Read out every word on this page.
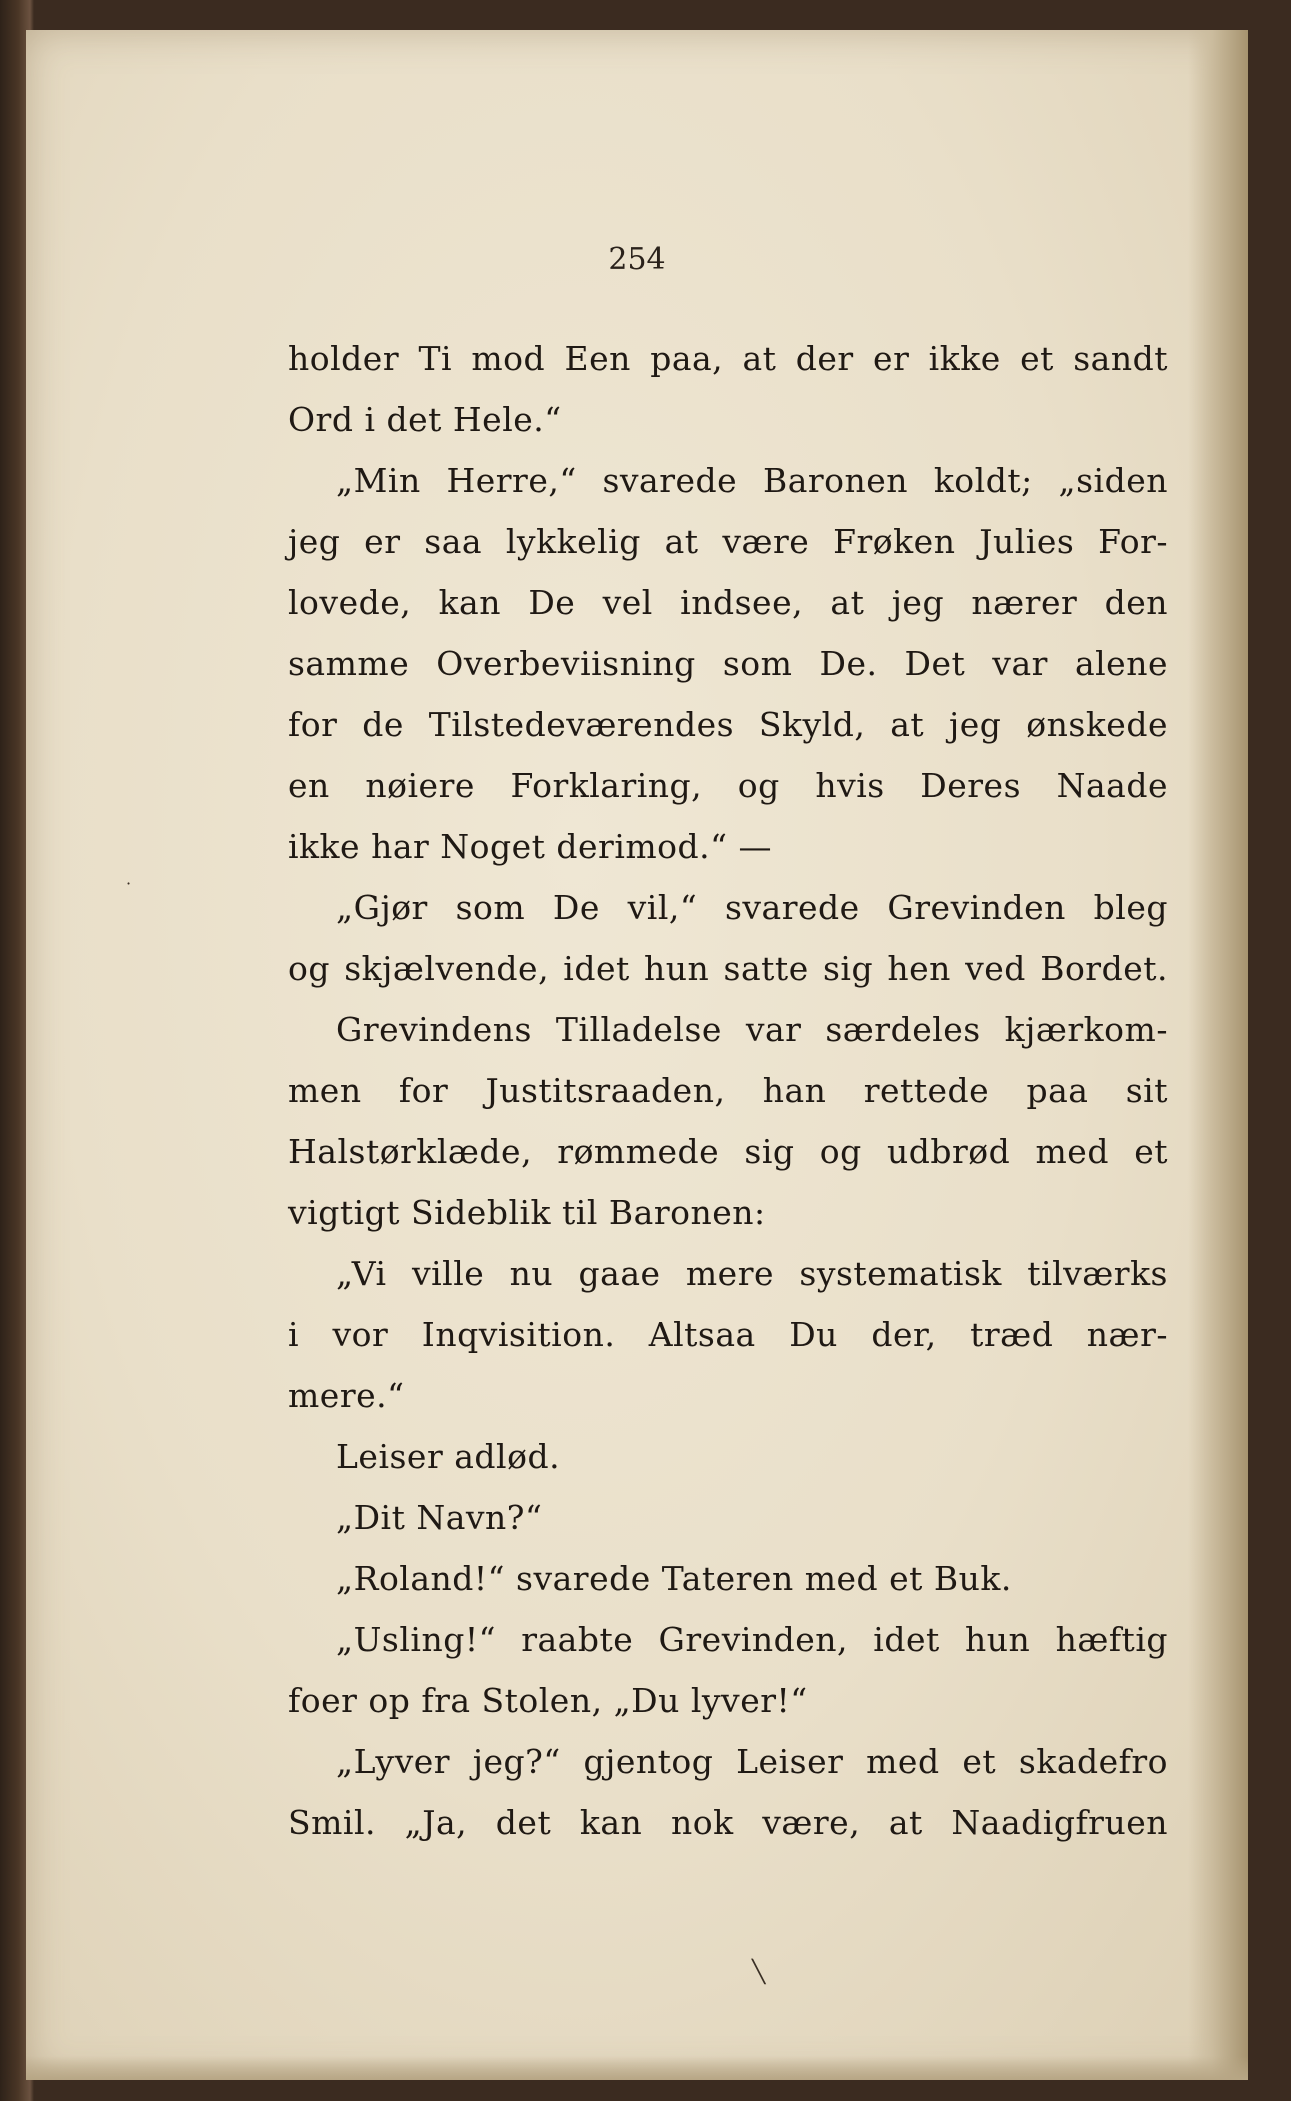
254
holder Ti mod Een paa, at der er ikke et sandt
Ord i det Hele.“
„Min Herre,“ svarede Baronen koldt; „siden
jeg er saa lykkelig at være Frøken Julies For-
lovede, kan De vel indsee, at jeg nærer den
samme Overbeviisning som De. Det var alene
for de Tilstedeværendes Skyld, at jeg ønskede
en nøiere Forklaring, og hvis Deres Naade
ikke har Noget derimod.“ —
„Gjør som De vil,“ svarede Grevinden bleg
og skjælvende, idet hun satte sig hen ved Bordet.
Grevindens Tilladelse var særdeles kjærkom-
men for Justitsraaden, han rettede paa sit
Halstørklæde, rømmede sig og udbrød med et
vigtigt Sideblik til Baronen:
„Vi ville nu gaae mere systematisk tilværks
i vor Inqvisition. Altsaa Du der, træd nær-
mere.“
Leiser adlød.
„Dit Navn?“
„Roland!“ svarede Tateren med et Buk.
„Usling!“ raabte Grevinden, idet hun hæftig
foer op fra Stolen, „Du lyver!“
„Lyver jeg?“ gjentog Leiser med et skadefro
Smil. „Ja, det kan nok være, at Naadigfruen
·
╲
